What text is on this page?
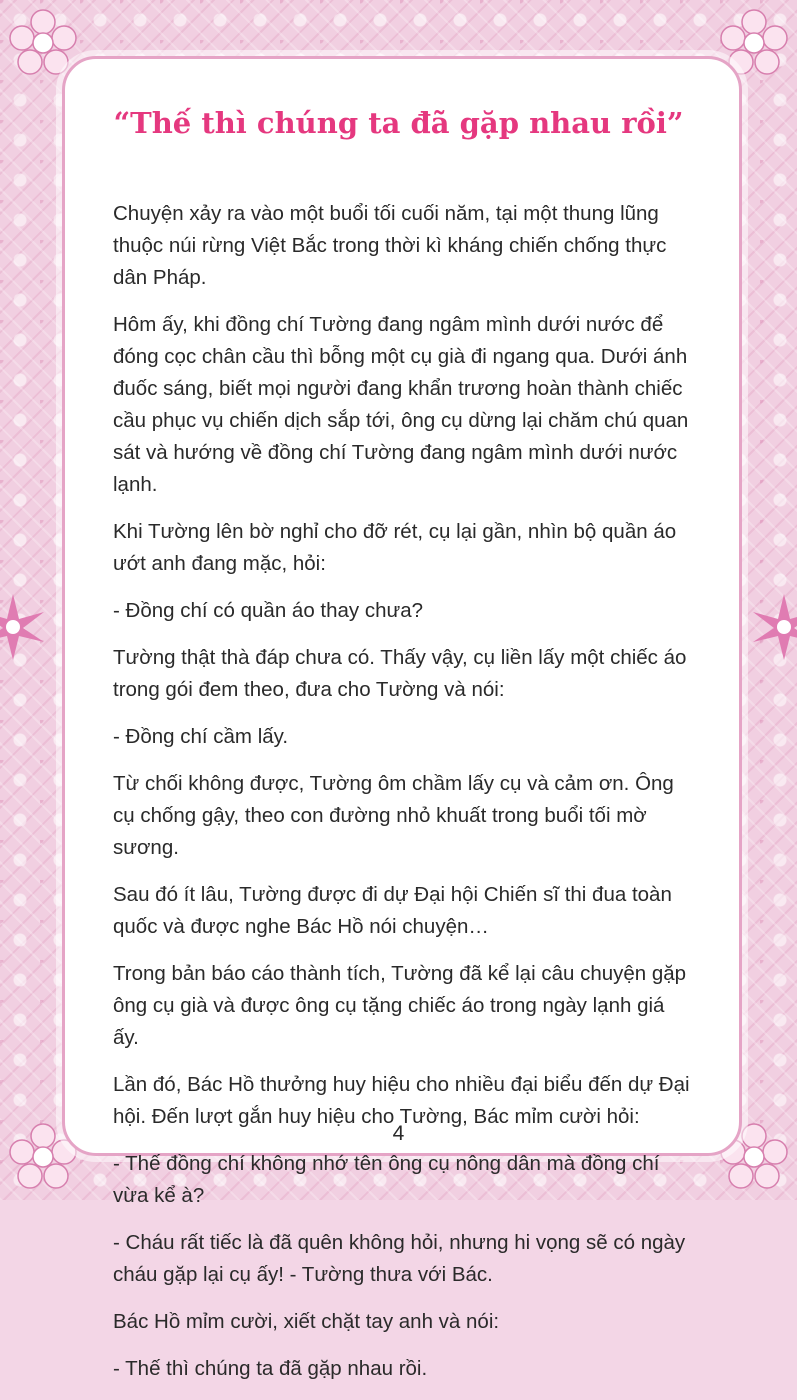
“Thế thì chúng ta đã gặp nhau rồi”

Chuyện xảy ra vào một buổi tối cuối năm, tại một thung lũng thuộc núi rừng Việt Bắc trong thời kì kháng chiến chống thực dân Pháp.

Hôm ấy, khi đồng chí Tường đang ngâm mình dưới nước để đóng cọc chân cầu thì bỗng một cụ già đi ngang qua. Dưới ánh đuốc sáng, biết mọi người đang khẩn trương hoàn thành chiếc cầu phục vụ chiến dịch sắp tới, ông cụ dừng lại chăm chú quan sát và hướng về đồng chí Tường đang ngâm mình dưới nước lạnh.

Khi Tường lên bờ nghỉ cho đỡ rét, cụ lại gần, nhìn bộ quần áo ướt anh đang mặc, hỏi:

- Đồng chí có quần áo thay chưa?

Tường thật thà đáp chưa có. Thấy vậy, cụ liền lấy một chiếc áo trong gói đem theo, đưa cho Tường và nói:

- Đồng chí cầm lấy.

Từ chối không được, Tường ôm chầm lấy cụ và cảm ơn. Ông cụ chống gậy, theo con đường nhỏ khuất trong buổi tối mờ sương.

Sau đó ít lâu, Tường được đi dự Đại hội Chiến sĩ thi đua toàn quốc và được nghe Bác Hồ nói chuyện…

Trong bản báo cáo thành tích, Tường đã kể lại câu chuyện gặp ông cụ già và được ông cụ tặng chiếc áo trong ngày lạnh giá ấy.

Lần đó, Bác Hồ thưởng huy hiệu cho nhiều đại biểu đến dự Đại hội. Đến lượt gắn huy hiệu cho Tường, Bác mỉm cười hỏi:

- Thế đồng chí không nhớ tên ông cụ nông dân mà đồng chí vừa kể à?

- Cháu rất tiếc là đã quên không hỏi, nhưng hi vọng sẽ có ngày cháu gặp lại cụ ấy! - Tường thưa với Bác.

Bác Hồ mỉm cười, xiết chặt tay anh và nói:

- Thế thì chúng ta đã gặp nhau rồi.

4
